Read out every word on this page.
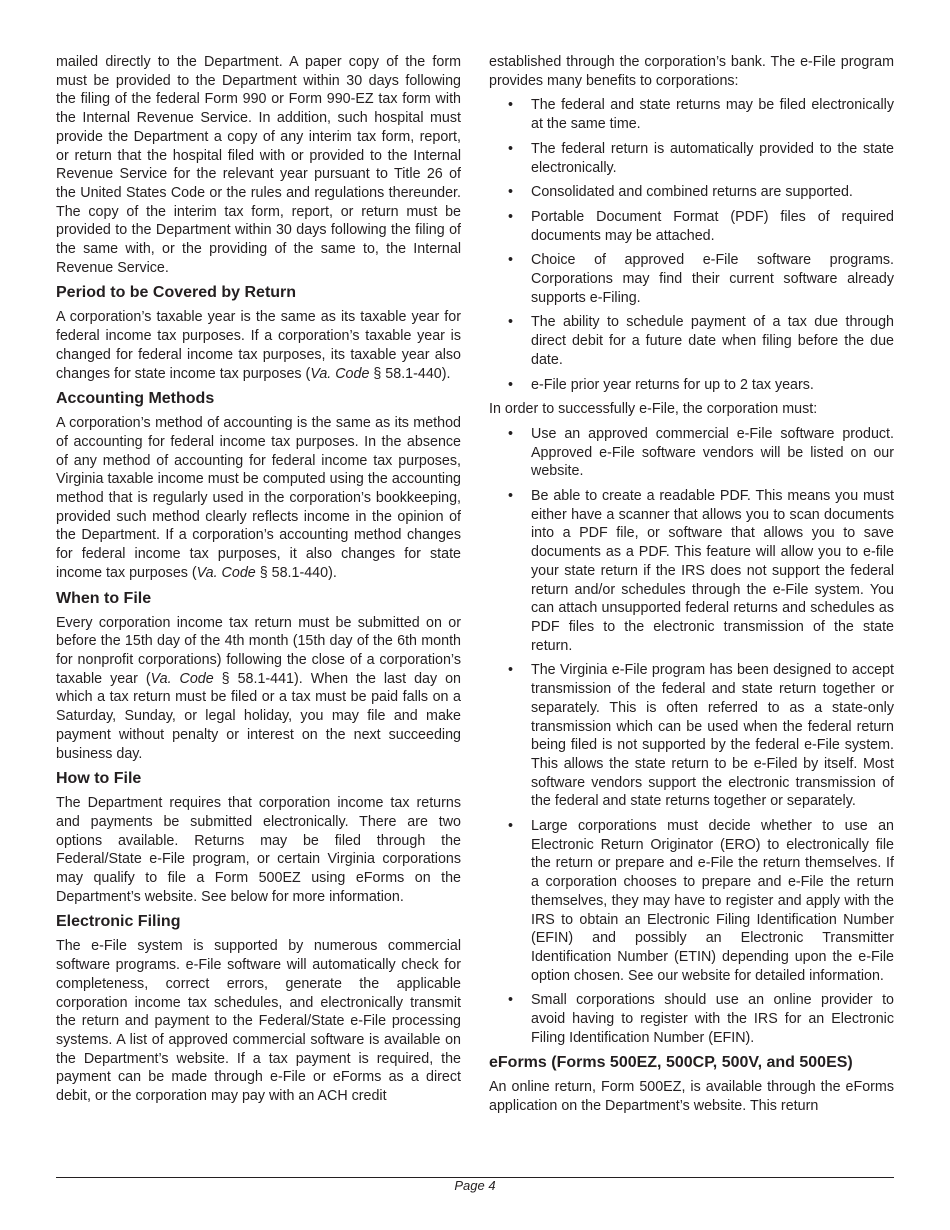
mailed directly to the Department. A paper copy of the form must be provided to the Department within 30 days following the filing of the federal Form 990 or Form 990-EZ tax form with the Internal Revenue Service. In addition, such hospital must provide the Department a copy of any interim tax form, report, or return that the hospital filed with or provided to the Internal Revenue Service for the relevant year pursuant to Title 26 of the United States Code or the rules and regulations thereunder. The copy of the interim tax form, report, or return must be provided to the Department within 30 days following the filing of the same with, or the providing of the same to, the Internal Revenue Service.

Period to be Covered by Return

A corporation’s taxable year is the same as its taxable year for federal income tax purposes. If a corporation’s taxable year is changed for federal income tax purposes, its taxable year also changes for state income tax purposes (Va. Code § 58.1-440).

Accounting Methods

A corporation’s method of accounting is the same as its method of accounting for federal income tax purposes. In the absence of any method of accounting for federal income tax purposes, Virginia taxable income must be computed using the accounting method that is regularly used in the corporation’s bookkeeping, provided such method clearly reflects income in the opinion of the Department. If a corporation’s accounting method changes for federal income tax purposes, it also changes for state income tax purposes (Va. Code § 58.1-440).

When to File

Every corporation income tax return must be submitted on or before the 15th day of the 4th month (15th day of the 6th month for nonprofit corporations) following the close of a corporation’s taxable year (Va. Code § 58.1-441). When the last day on which a tax return must be filed or a tax must be paid falls on a Saturday, Sunday, or legal holiday, you may file and make payment without penalty or interest on the next succeeding business day.

How to File

The Department requires that corporation income tax returns and payments be submitted electronically. There are two options available. Returns may be filed through the Federal/State e-File program, or certain Virginia corporations may qualify to file a Form 500EZ using eForms on the Department’s website. See below for more information.

Electronic Filing

The e-File system is supported by numerous commercial software programs. e-File software will automatically check for completeness, correct errors, generate the applicable corporation income tax schedules, and electronically transmit the return and payment to the Federal/State e-File processing systems. A list of approved commercial software is available on the Department’s website. If a tax payment is required, the payment can be made through e-File or eForms as a direct debit, or the corporation may pay with an ACH credit

established through the corporation’s bank. The e-File program provides many benefits to corporations:

• The federal and state returns may be filed electronically at the same time.
• The federal return is automatically provided to the state electronically.
• Consolidated and combined returns are supported.
• Portable Document Format (PDF) files of required documents may be attached.
• Choice of approved e-File software programs. Corporations may find their current software already supports e-Filing.
• The ability to schedule payment of a tax due through direct debit for a future date when filing before the due date.
• e-File prior year returns for up to 2 tax years.

In order to successfully e-File, the corporation must:

• Use an approved commercial e-File software product. Approved e-File software vendors will be listed on our website.
• Be able to create a readable PDF. This means you must either have a scanner that allows you to scan documents into a PDF file, or software that allows you to save documents as a PDF. This feature will allow you to e-file your state return if the IRS does not support the federal return and/or schedules through the e-File system. You can attach unsupported federal returns and schedules as PDF files to the electronic transmission of the state return.
• The Virginia e-File program has been designed to accept transmission of the federal and state return together or separately. This is often referred to as a state-only transmission which can be used when the federal return being filed is not supported by the federal e-File system. This allows the state return to be e-Filed by itself. Most software vendors support the electronic transmission of the federal and state returns together or separately.
• Large corporations must decide whether to use an Electronic Return Originator (ERO) to electronically file the return or prepare and e-File the return themselves. If a corporation chooses to prepare and e-File the return themselves, they may have to register and apply with the IRS to obtain an Electronic Filing Identification Number (EFIN) and possibly an Electronic Transmitter Identification Number (ETIN) depending upon the e-File option chosen. See our website for detailed information.
• Small corporations should use an online provider to avoid having to register with the IRS for an Electronic Filing Identification Number (EFIN).
eForms (Forms 500EZ, 500CP, 500V, and 500ES)

An online return, Form 500EZ, is available through the eForms application on the Department’s website. This return

Page 4
